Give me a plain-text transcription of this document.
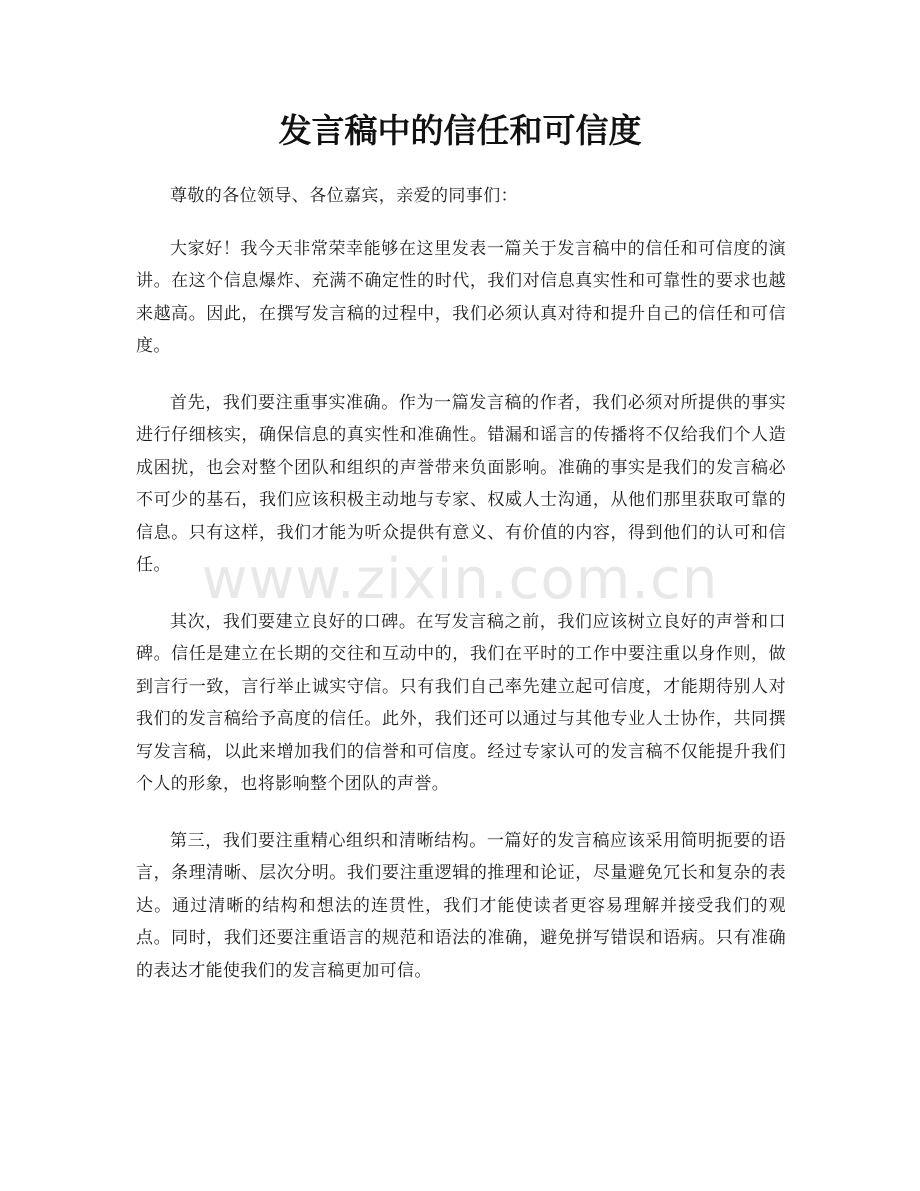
发言稿中的信任和可信度

尊敬的各位领导、各位嘉宾，亲爱的同事们：

大家好！我今天非常荣幸能够在这里发表一篇关于发言稿中的信任和可信度的演讲。在这个信息爆炸、充满不确定性的时代，我们对信息真实性和可靠性的要求也越来越高。因此，在撰写发言稿的过程中，我们必须认真对待和提升自己的信任和可信度。

首先，我们要注重事实准确。作为一篇发言稿的作者，我们必须对所提供的事实进行仔细核实，确保信息的真实性和准确性。错漏和谣言的传播将不仅给我们个人造成困扰，也会对整个团队和组织的声誉带来负面影响。准确的事实是我们的发言稿必不可少的基石，我们应该积极主动地与专家、权威人士沟通，从他们那里获取可靠的信息。只有这样，我们才能为听众提供有意义、有价值的内容，得到他们的认可和信任。

其次，我们要建立良好的口碑。在写发言稿之前，我们应该树立良好的声誉和口碑。信任是建立在长期的交往和互动中的，我们在平时的工作中要注重以身作则，做到言行一致，言行举止诚实守信。只有我们自己率先建立起可信度，才能期待别人对我们的发言稿给予高度的信任。此外，我们还可以通过与其他专业人士协作，共同撰写发言稿，以此来增加我们的信誉和可信度。经过专家认可的发言稿不仅能提升我们个人的形象，也将影响整个团队的声誉。

第三，我们要注重精心组织和清晰结构。一篇好的发言稿应该采用简明扼要的语言，条理清晰、层次分明。我们要注重逻辑的推理和论证，尽量避免冗长和复杂的表达。通过清晰的结构和想法的连贯性，我们才能使读者更容易理解并接受我们的观点。同时，我们还要注重语言的规范和语法的准确，避免拼写错误和语病。只有准确的表达才能使我们的发言稿更加可信。

www.zixin.com.cn
